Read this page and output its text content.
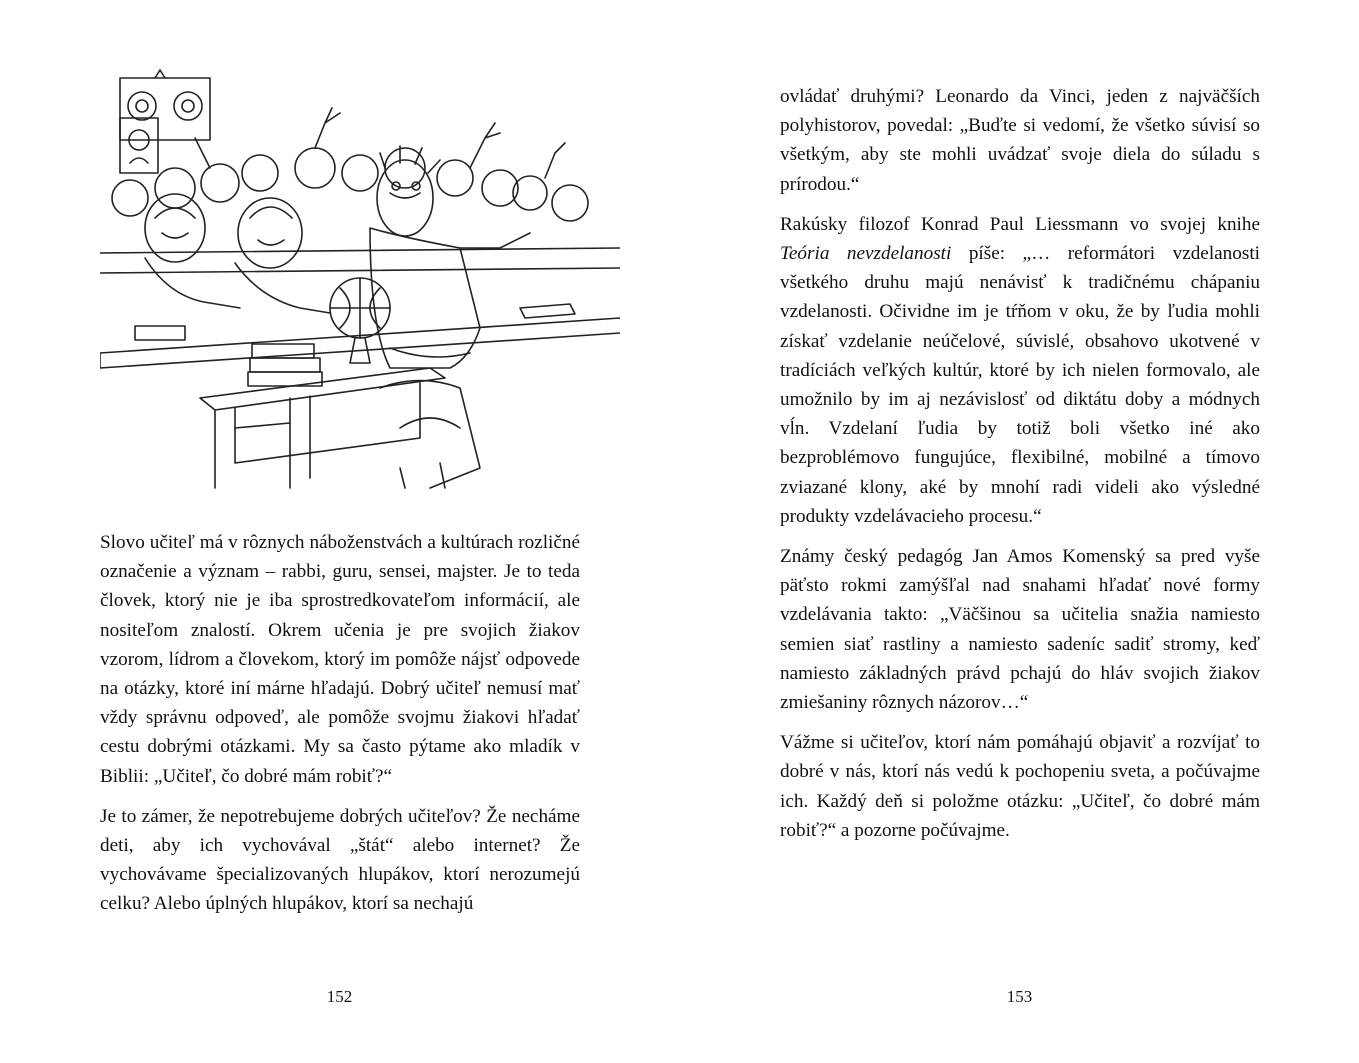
Slovo učiteľ má v rôznych náboženstvách a kultúrach rozličné označenie a význam – rabbi, guru, sensei, majster. Je to teda človek, ktorý nie je iba sprostredkovateľom informácií, ale nositeľom znalostí. Okrem učenia je pre svojich žiakov vzorom, lídrom a človekom, ktorý im pomôže nájsť odpovede na otázky, ktoré iní márne hľadajú. Dobrý učiteľ nemusí mať vždy správnu odpoveď, ale pomôže svojmu žiakovi hľadať cestu dobrými otázkami. My sa často pýtame ako mladík v Biblii: „Učiteľ, čo dobré mám robiť?“

Je to zámer, že nepotrebujeme dobrých učiteľov? Že necháme deti, aby ich vychovával „štát“ alebo internet? Že vychovávame špecializovaných hlupákov, ktorí nerozumejú celku? Alebo úplných hlupákov, ktorí sa nechajú

152

ovládať druhými? Leonardo da Vinci, jeden z najväčších polyhistorov, povedal: „Buďte si vedomí, že všetko súvisí so všetkým, aby ste mohli uvádzať svoje diela do súladu s prírodou.“

Rakúsky filozof Konrad Paul Liessmann vo svojej knihe Teória nevzdelanosti píše: „… reformátori vzdelanosti všetkého druhu majú nenávisť k tradičnému chápaniu vzdelanosti. Očividne im je tŕňom v oku, že by ľudia mohli získať vzdelanie neúčelové, súvislé, obsahovo ukotvené v tradíciách veľkých kultúr, ktoré by ich nielen formovalo, ale umožnilo by im aj nezávislosť od diktátu doby a módnych vĺn. Vzdelaní ľudia by totiž boli všetko iné ako bezproblémovo fungujúce, flexibilné, mobilné a tímovo zviazané klony, aké by mnohí radi videli ako výsledné produkty vzdelávacieho procesu.“

Známy český pedagóg Jan Amos Komenský sa pred vyše päťsto rokmi zamýšľal nad snahami hľadať nové formy vzdelávania takto: „Väčšinou sa učitelia snažia namiesto semien siať rastliny a namiesto sadeníc sadiť stromy, keď namiesto základných právd pchajú do hláv svojich žiakov zmiešaniny rôznych názorov…“

Vážme si učiteľov, ktorí nám pomáhajú objaviť a rozvíjať to dobré v nás, ktorí nás vedú k pochopeniu sveta, a počúvajme ich. Každý deň si položme otázku: „Učiteľ, čo dobré mám robiť?“ a pozorne počúvajme.

153
